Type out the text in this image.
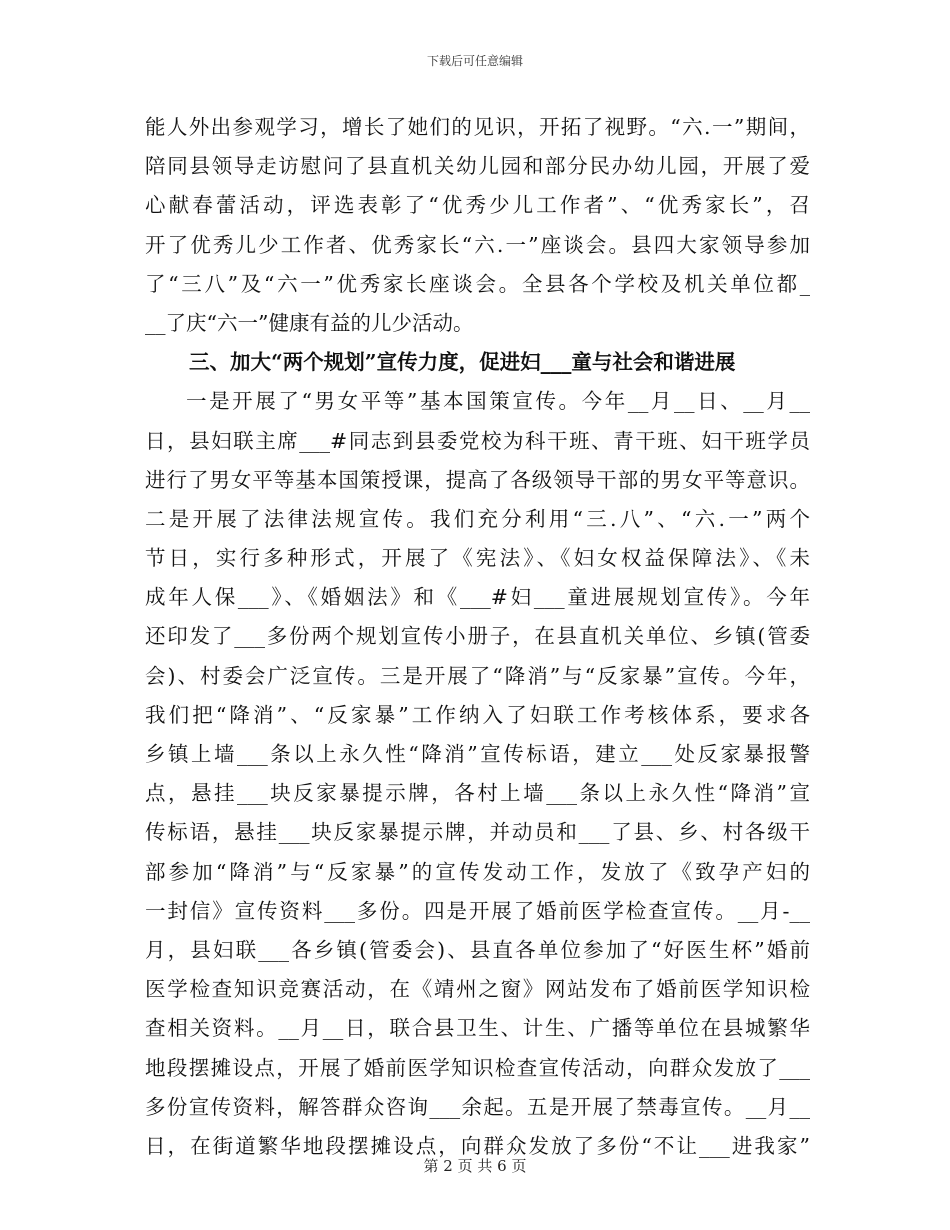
下载后可任意编辑
能人外出参观学习，增长了她们的见识，开拓了视野。“六.一”期间，
陪同县领导走访慰问了县直机关幼儿园和部分民办幼儿园，开展了爱
心献春蕾活动，评选表彰了“优秀少儿工作者”、“优秀家长”，召
开了优秀儿少工作者、优秀家长“六.一”座谈会。县四大家领导参加
了“三八”及“六一”优秀家长座谈会。全县各个学校及机关单位都_
__了庆“六一”健康有益的儿少活动。
三、加大“两个规划”宣传力度，促进妇___童与社会和谐进展
一是开展了“男女平等”基本国策宣传。今年__月__日、__月__
日，县妇联主席___#同志到县委党校为科干班、青干班、妇干班学员
进行了男女平等基本国策授课，提高了各级领导干部的男女平等意识。
二是开展了法律法规宣传。我们充分利用“三.八”、“六.一”两个
节日，实行多种形式，开展了《宪法》、《妇女权益保障法》、《未
成年人保___》、《婚姻法》和《___#妇___童进展规划宣传》。今年
还印发了___多份两个规划宣传小册子，在县直机关单位、乡镇(管委
会)、村委会广泛宣传。三是开展了“降消”与“反家暴”宣传。今年，
我们把“降消”、“反家暴”工作纳入了妇联工作考核体系，要求各
乡镇上墙___条以上永久性“降消”宣传标语，建立___处反家暴报警
点，悬挂___块反家暴提示牌，各村上墙___条以上永久性“降消”宣
传标语，悬挂___块反家暴提示牌，并动员和___了县、乡、村各级干
部参加“降消”与“反家暴”的宣传发动工作，发放了《致孕产妇的
一封信》宣传资料___多份。四是开展了婚前医学检查宣传。__月-__
月，县妇联___各乡镇(管委会)、县直各单位参加了“好医生杯”婚前
医学检查知识竞赛活动，在《靖州之窗》网站发布了婚前医学知识检
查相关资料。__月__日，联合县卫生、计生、广播等单位在县城繁华
地段摆摊设点，开展了婚前医学知识检查宣传活动，向群众发放了___
多份宣传资料，解答群众咨询___余起。五是开展了禁毒宣传。__月__
日，在街道繁华地段摆摊设点，向群众发放了多份“不让___进我家”
第 2 页 共 6 页
